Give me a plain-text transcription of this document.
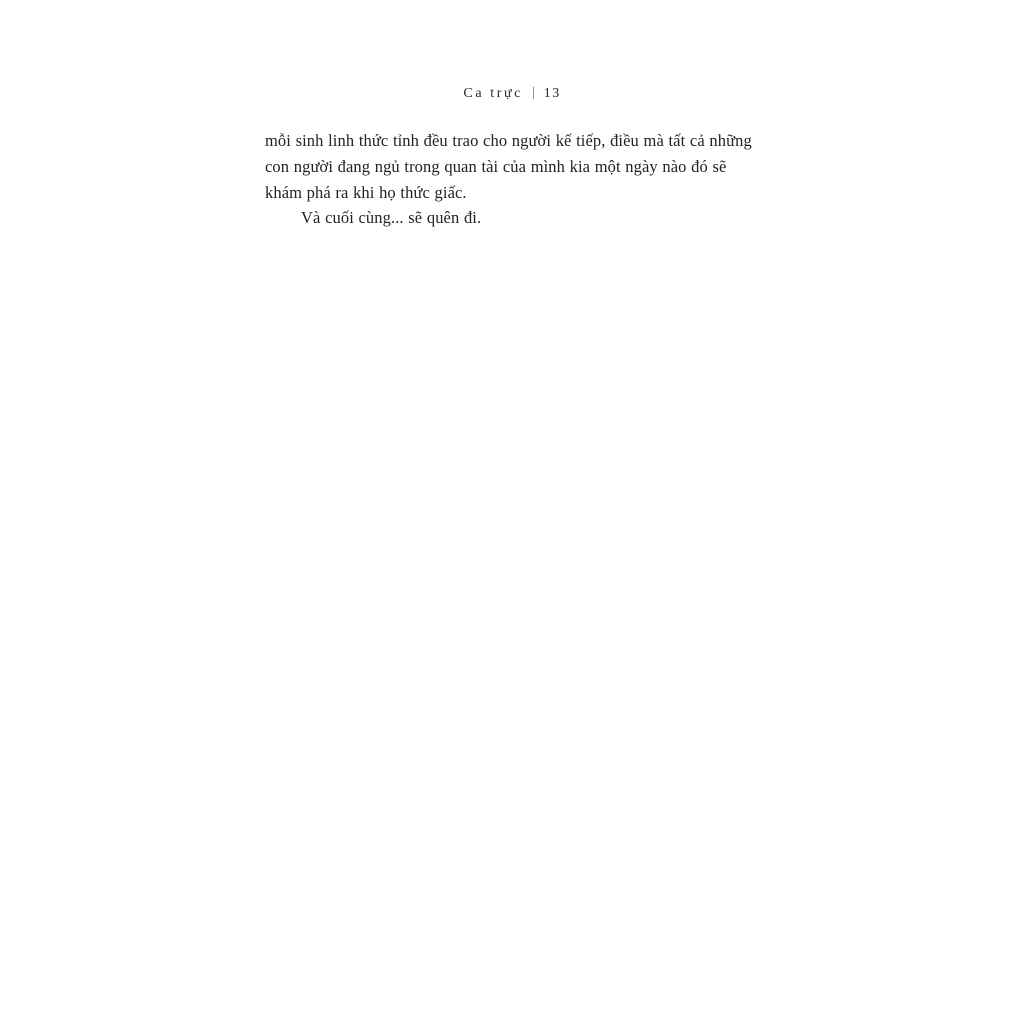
Ca trực | 13

mỗi sinh linh thức tỉnh đều trao cho người kế tiếp, điều mà tất cả những con người đang ngủ trong quan tài của mình kia một ngày nào đó sẽ khám phá ra khi họ thức giấc.

Và cuối cùng... sẽ quên đi.
